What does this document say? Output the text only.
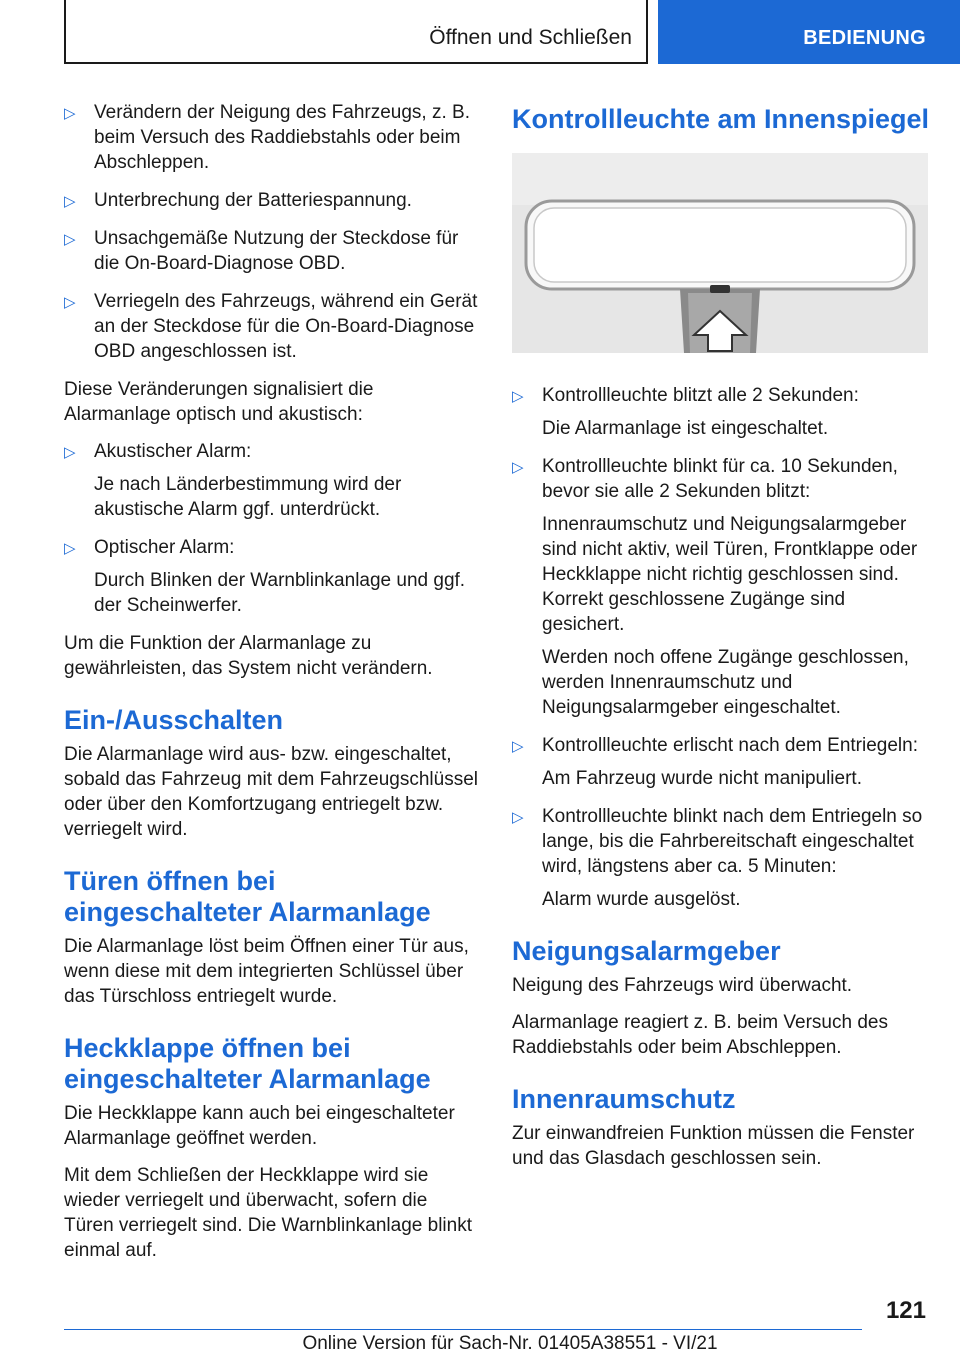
Öffnen und Schließen	BEDIENUNG
▷ Verändern der Neigung des Fahrzeugs, z. B. beim Versuch des Raddiebstahls oder beim Abschleppen.
▷ Unterbrechung der Batteriespannung.
▷ Unsachgemäße Nutzung der Steckdose für die On-Board-Diagnose OBD.
▷ Verriegeln des Fahrzeugs, während ein Gerät an der Steckdose für die On-Board-Diagnose OBD angeschlossen ist.

Diese Veränderungen signalisiert die Alarmanlage optisch und akustisch:

▷ Akustischer Alarm:
Je nach Länderbestimmung wird der akustische Alarm ggf. unterdrückt.
▷ Optischer Alarm:
Durch Blinken der Warnblinkanlage und ggf. der Scheinwerfer.

Um die Funktion der Alarmanlage zu gewährleisten, das System nicht verändern.

Ein-/Ausschalten

Die Alarmanlage wird aus- bzw. eingeschaltet, sobald das Fahrzeug mit dem Fahrzeugschlüssel oder über den Komfortzugang entriegelt bzw. verriegelt wird.

Türen öffnen bei eingeschalteter Alarmanlage

Die Alarmanlage löst beim Öffnen einer Tür aus, wenn diese mit dem integrierten Schlüssel über das Türschloss entriegelt wurde.

Heckklappe öffnen bei eingeschalteter Alarmanlage

Die Heckklappe kann auch bei eingeschalteter Alarmanlage geöffnet werden.

Mit dem Schließen der Heckklappe wird sie wieder verriegelt und überwacht, sofern die Türen verriegelt sind. Die Warnblinkanlage blinkt einmal auf.

Kontrollleuchte am Innenspiegel
▷ Kontrollleuchte blitzt alle 2 Sekunden:
Die Alarmanlage ist eingeschaltet.
▷ Kontrollleuchte blinkt für ca. 10 Sekunden, bevor sie alle 2 Sekunden blitzt:
Innenraumschutz und Neigungsalarmgeber sind nicht aktiv, weil Türen, Frontklappe oder Heckklappe nicht richtig geschlossen sind. Korrekt geschlossene Zugänge sind gesichert.
Werden noch offene Zugänge geschlossen, werden Innenraumschutz und Neigungsalarmgeber eingeschaltet.
▷ Kontrollleuchte erlischt nach dem Entriegeln:
Am Fahrzeug wurde nicht manipuliert.
▷ Kontrollleuchte blinkt nach dem Entriegeln so lange, bis die Fahrbereitschaft eingeschaltet wird, längstens aber ca. 5 Minuten:
Alarm wurde ausgelöst.
Neigungsalarmgeber

Neigung des Fahrzeugs wird überwacht.

Alarmanlage reagiert z. B. beim Versuch des Raddiebstahls oder beim Abschleppen.

Innenraumschutz

Zur einwandfreien Funktion müssen die Fenster und das Glasdach geschlossen sein.

121
Online Version für Sach-Nr. 01405A38551 - VI/21
